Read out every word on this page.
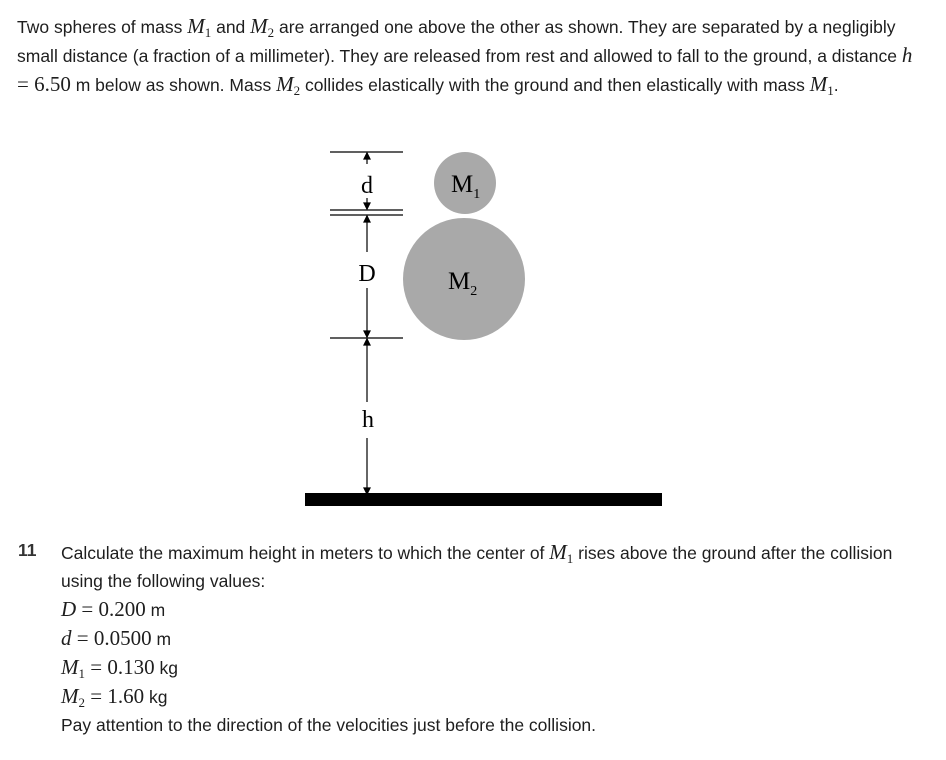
Two spheres of mass $M_1$ and $M_2$ are arranged one above the other as shown. They are separated by a negligibly small distance (a fraction of a millimeter). They are released from rest and allowed to fall to the ground, a distance h = 6.50 m below as shown. Mass $M_2$ collides elastically with the ground and then elastically with mass $M_1$.
d
D
h
$M_1$
$M_2$
11 Calculate the maximum height in meters to which the center of $M_1$ rises above the ground after the collision using the following values:
D = 0.200 m
d = 0.0500 m
$M_1 = 0.130$ kg
$M_2 = 1.60$ kg
Pay attention to the direction of the velocities just before the collision.
